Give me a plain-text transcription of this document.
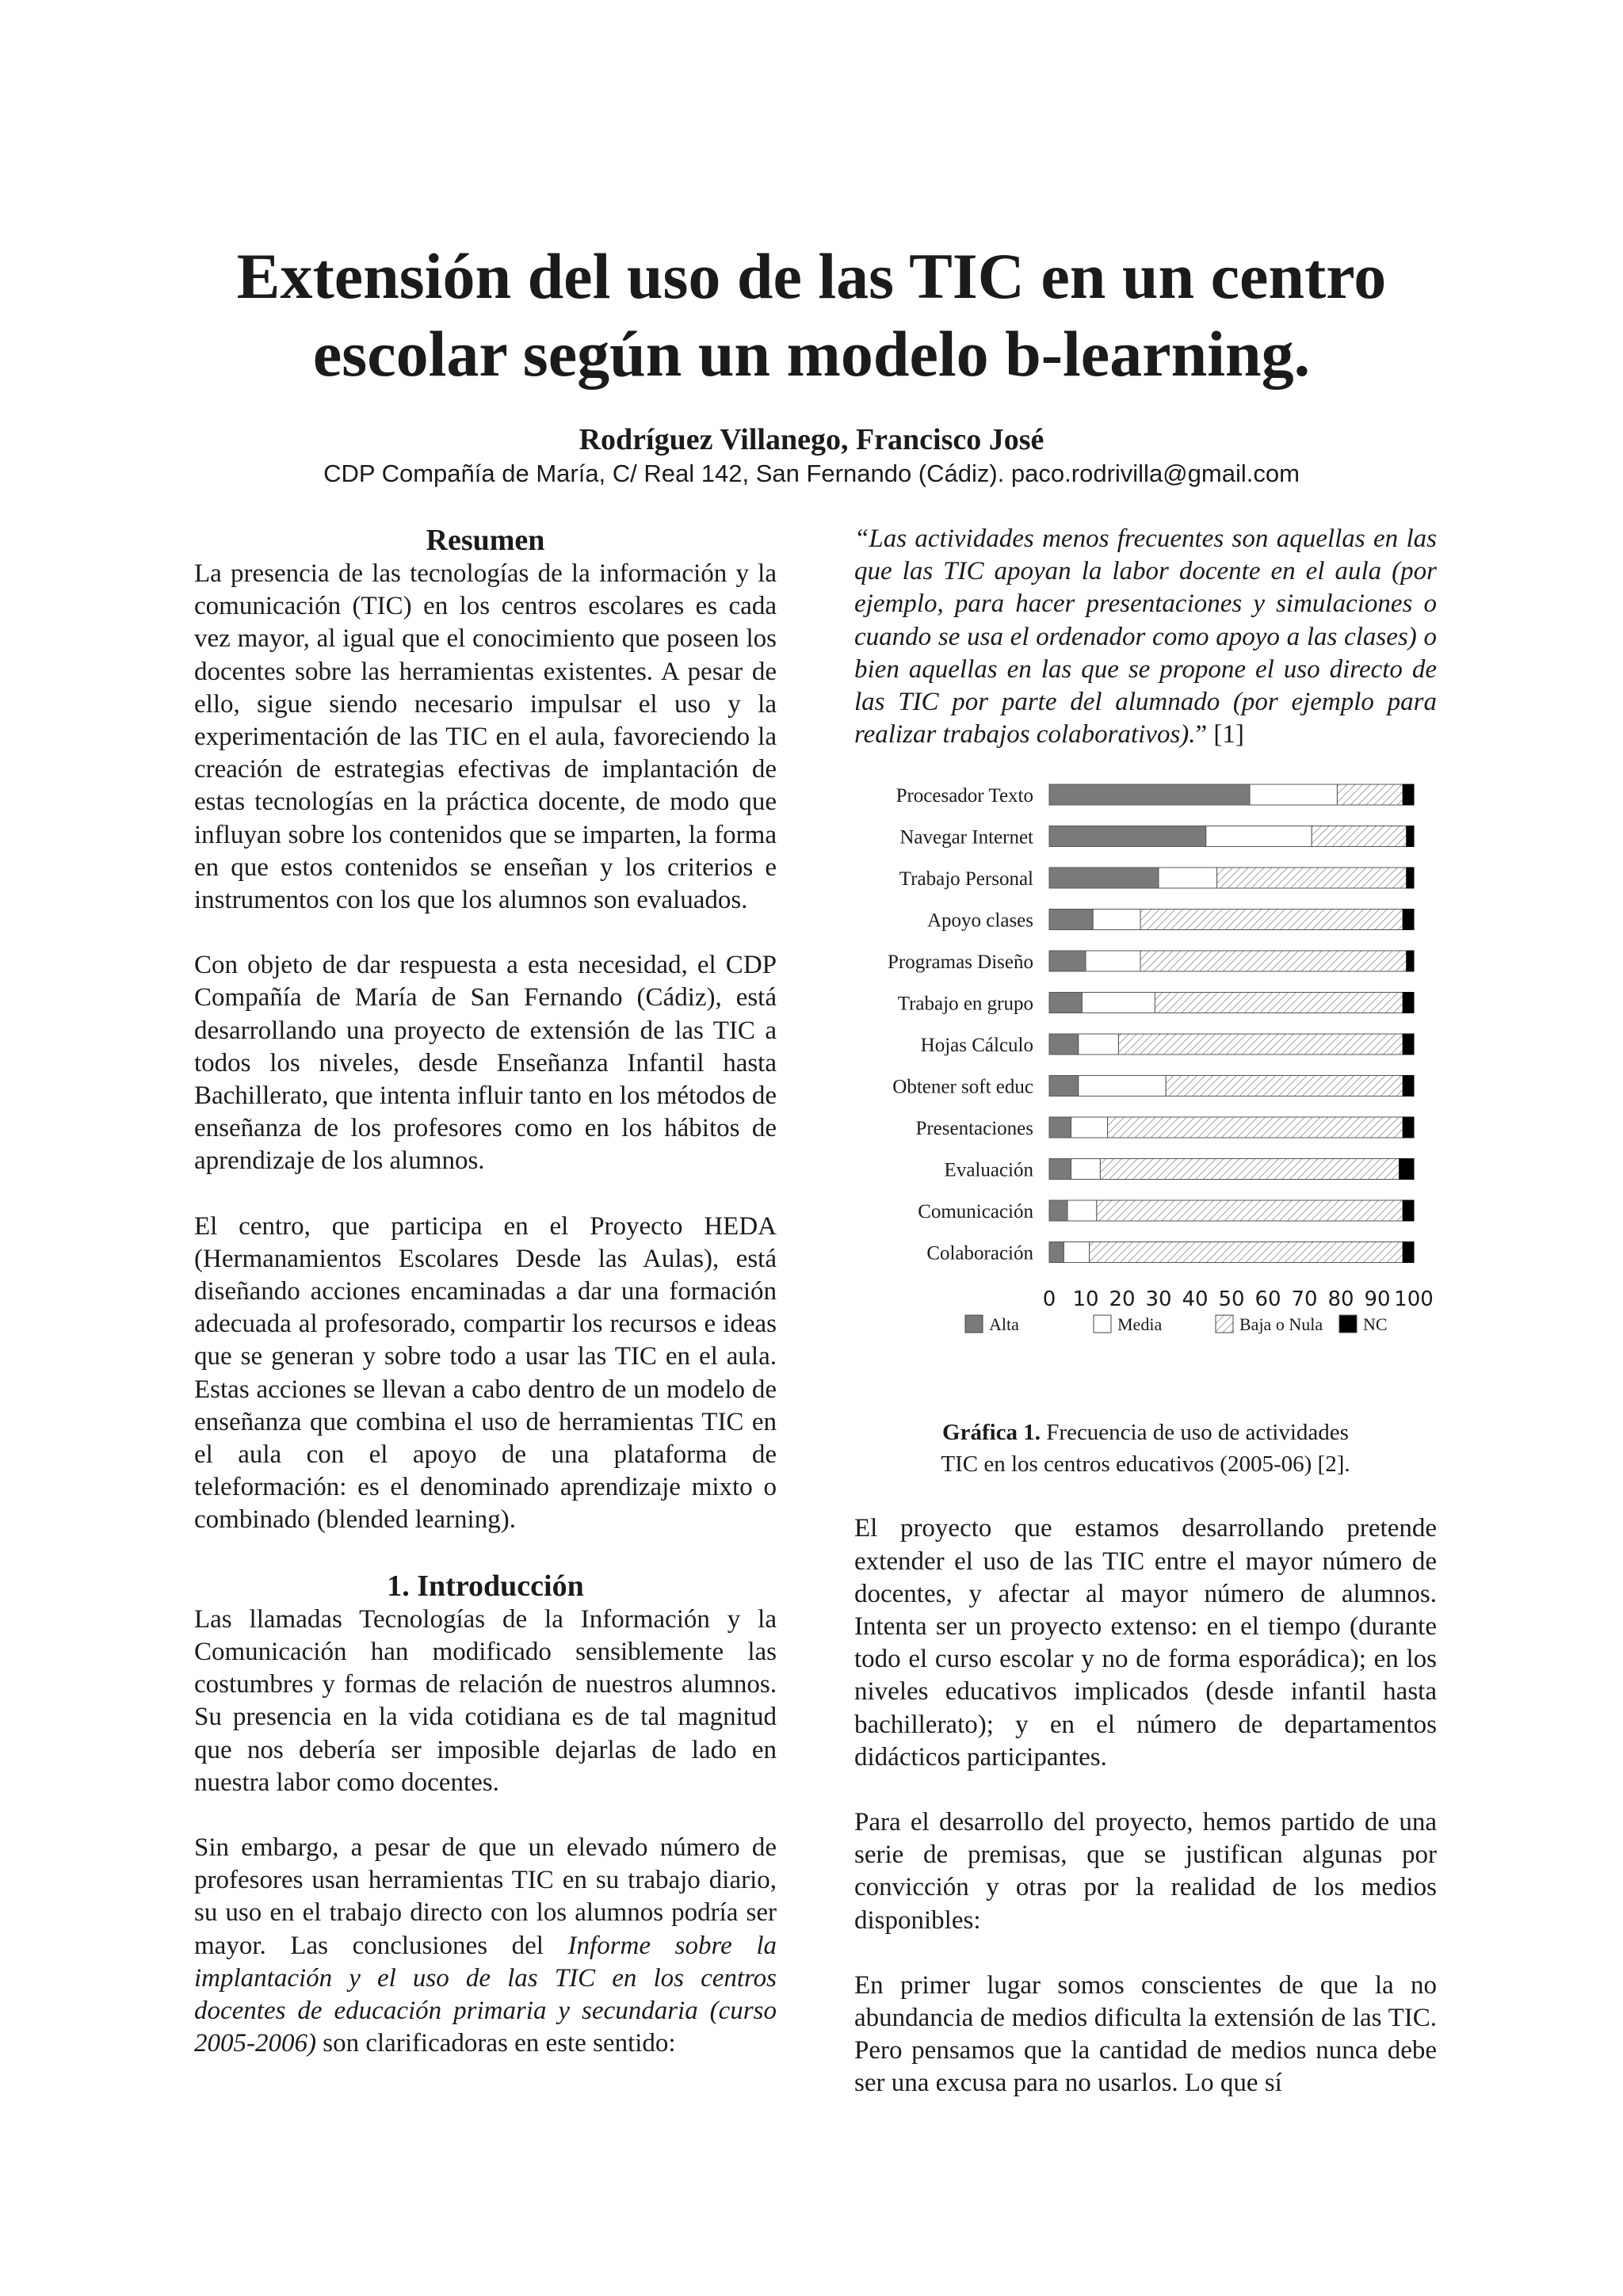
Extensión del uso de las TIC en un centro
escolar según un modelo b-learning.
Rodríguez Villanego, Francisco José
CDP Compañía de María, C/ Real 142, San Fernando (Cádiz). paco.rodrivilla@gmail.com
Resumen

La presencia de las tecnologías de la información y la comunicación (TIC) en los centros escolares es cada vez mayor, al igual que el conocimiento que poseen los docentes sobre las herramientas existentes. A pesar de ello, sigue siendo necesario impulsar el uso y la experimentación de las TIC en el aula, favoreciendo la creación de estrategias efectivas de implantación de estas tecnologías en la práctica docente, de modo que influyan sobre los contenidos que se imparten, la forma en que estos contenidos se enseñan y los criterios e instrumentos con los que los alumnos son evaluados.

Con objeto de dar respuesta a esta necesidad, el CDP Compañía de María de San Fernando (Cádiz), está desarrollando una proyecto de extensión de las TIC a todos los niveles, desde Enseñanza Infantil hasta Bachillerato, que intenta influir tanto en los métodos de enseñanza de los profesores como en los hábitos de aprendizaje de los alumnos.

El centro, que participa en el Proyecto HEDA (Hermanamientos Escolares Desde las Aulas), está diseñando acciones encaminadas a dar una formación adecuada al profesorado, compartir los recursos e ideas que se generan y sobre todo a usar las TIC en el aula. Estas acciones se llevan a cabo dentro de un modelo de enseñanza que combina el uso de herramientas TIC en el aula con el apoyo de una plataforma de teleformación: es el denominado aprendizaje mixto o combinado (blended learning).

1. Introducción

Las llamadas Tecnologías de la Información y la Comunicación han modificado sensiblemente las costumbres y formas de relación de nuestros alumnos. Su presencia en la vida cotidiana es de tal magnitud que nos debería ser imposible dejarlas de lado en nuestra labor como docentes.

Sin embargo, a pesar de que un elevado número de profesores usan herramientas TIC en su trabajo diario, su uso en el trabajo directo con los alumnos podría ser mayor. Las conclusiones del Informe sobre la implantación y el uso de las TIC en los centros docentes de educación primaria y secundaria (curso 2005-2006) son clarificadoras en este sentido:

“Las actividades menos frecuentes son aquellas en las que las TIC apoyan la labor docente en el aula (por ejemplo, para hacer presentaciones y simulaciones o cuando se usa el ordenador como apoyo a las clases) o bien aquellas en las que se propone el uso directo de las TIC por parte del alumnado (por ejemplo para realizar trabajos colaborativos).” [1]

Procesador Texto
Navegar Internet
Trabajo Personal
Apoyo clases
Programas Diseño
Trabajo en grupo
Hojas Cálculo
Obtener soft educ
Presentaciones
Evaluación
Comunicación
Colaboración
0 10 20 30 40 50 60 70 80 90 100
Alta	Media	Baja o Nula NC
Gráfica 1. Frecuencia de uso de actividades
TIC en los centros educativos (2005-06) [2].

El proyecto que estamos desarrollando pretende extender el uso de las TIC entre el mayor número de docentes, y afectar al mayor número de alumnos. Intenta ser un proyecto extenso: en el tiempo (durante todo el curso escolar y no de forma esporádica); en los niveles educativos implicados (desde infantil hasta bachillerato); y en el número de departamentos didácticos participantes.

Para el desarrollo del proyecto, hemos partido de una serie de premisas, que se justifican algunas por convicción y otras por la realidad de los medios disponibles:

En primer lugar somos conscientes de que la no abundancia de medios dificulta la extensión de las TIC. Pero pensamos que la cantidad de medios nunca debe ser una excusa para no usarlos. Lo que sí
